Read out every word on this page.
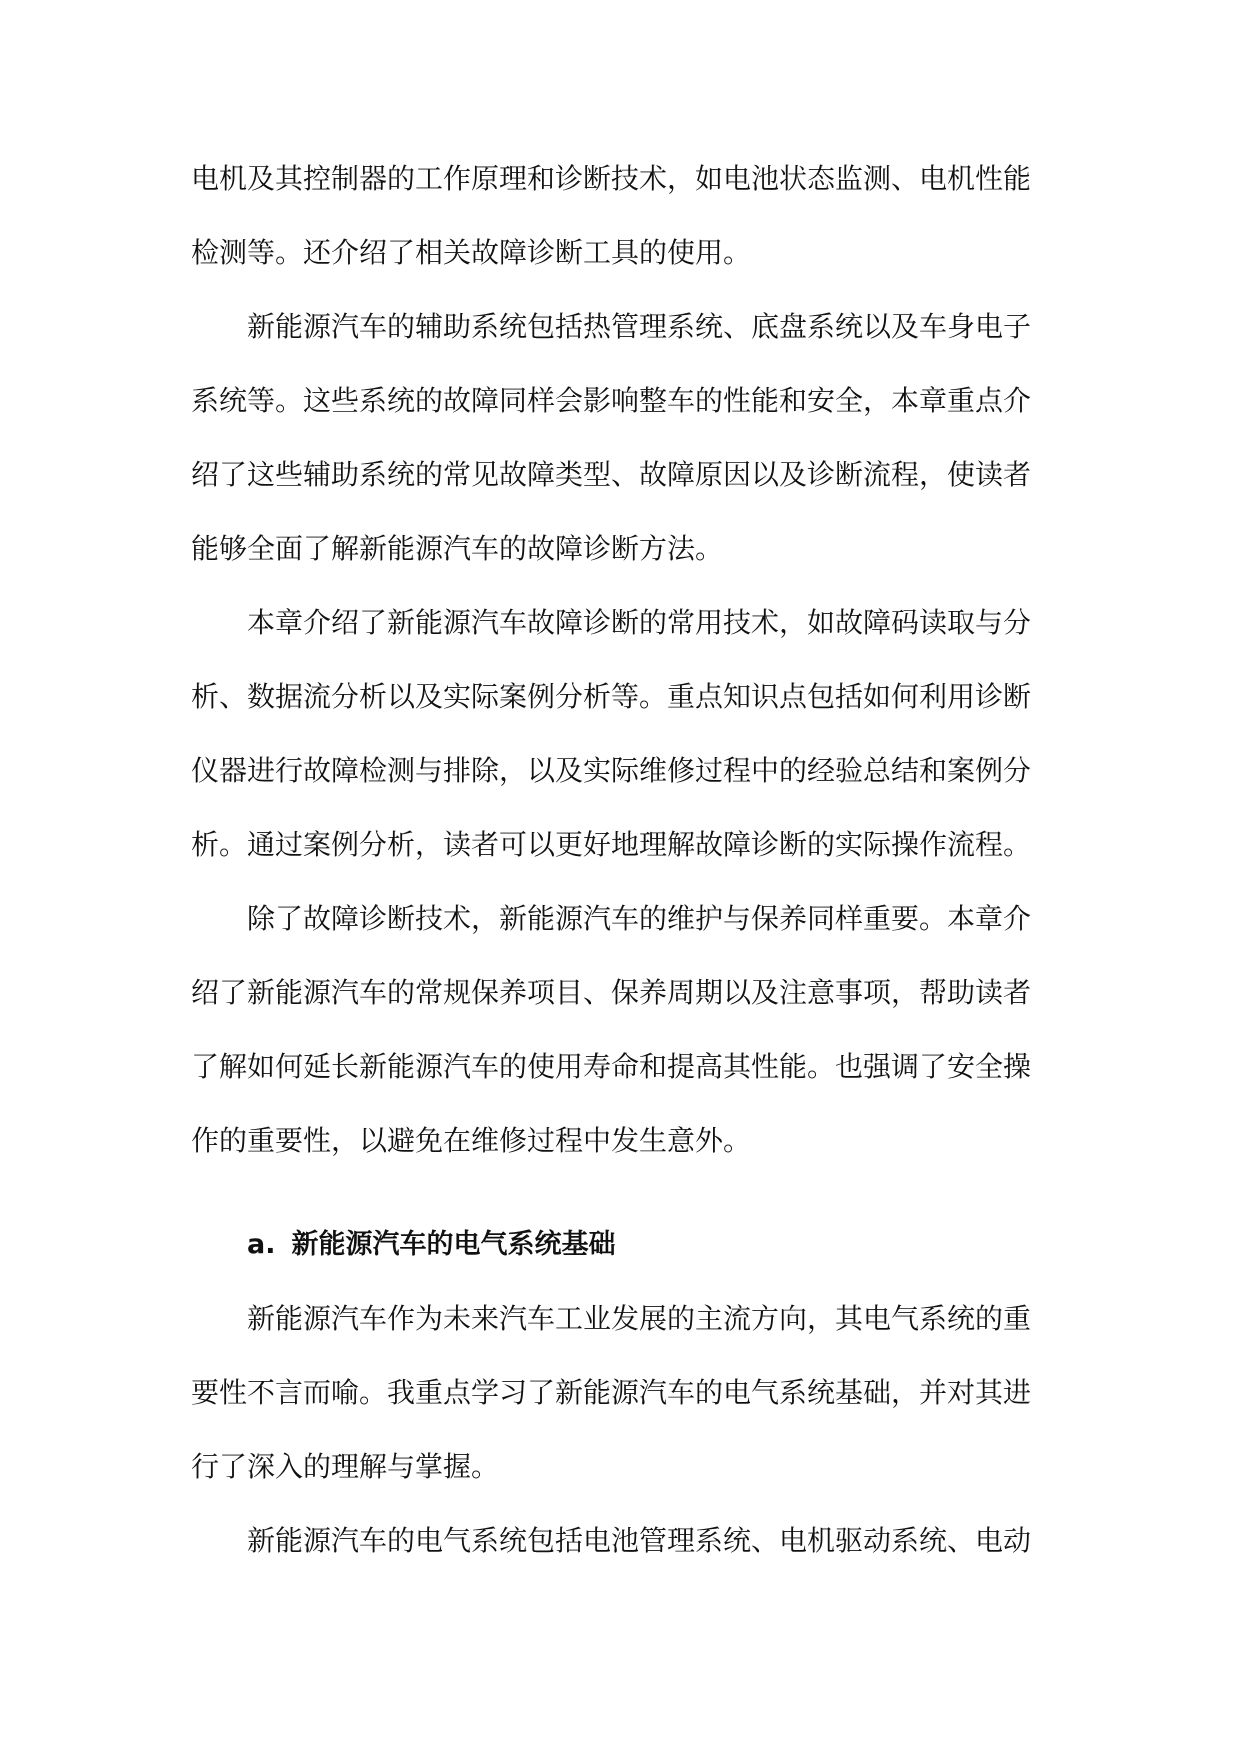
电机及其控制器的工作原理和诊断技术，如电池状态监测、电机性能
检测等。还介绍了相关故障诊断工具的使用。
新能源汽车的辅助系统包括热管理系统、底盘系统以及车身电子
系统等。这些系统的故障同样会影响整车的性能和安全，本章重点介
绍了这些辅助系统的常见故障类型、故障原因以及诊断流程，使读者
能够全面了解新能源汽车的故障诊断方法。
本章介绍了新能源汽车故障诊断的常用技术，如故障码读取与分
析、数据流分析以及实际案例分析等。重点知识点包括如何利用诊断
仪器进行故障检测与排除，以及实际维修过程中的经验总结和案例分
析。通过案例分析，读者可以更好地理解故障诊断的实际操作流程。
除了故障诊断技术，新能源汽车的维护与保养同样重要。本章介
绍了新能源汽车的常规保养项目、保养周期以及注意事项，帮助读者
了解如何延长新能源汽车的使用寿命和提高其性能。也强调了安全操
作的重要性，以避免在维修过程中发生意外。
a. 新能源汽车的电气系统基础
新能源汽车作为未来汽车工业发展的主流方向，其电气系统的重
要性不言而喻。我重点学习了新能源汽车的电气系统基础，并对其进
行了深入的理解与掌握。
新能源汽车的电气系统包括电池管理系统、电机驱动系统、电动
